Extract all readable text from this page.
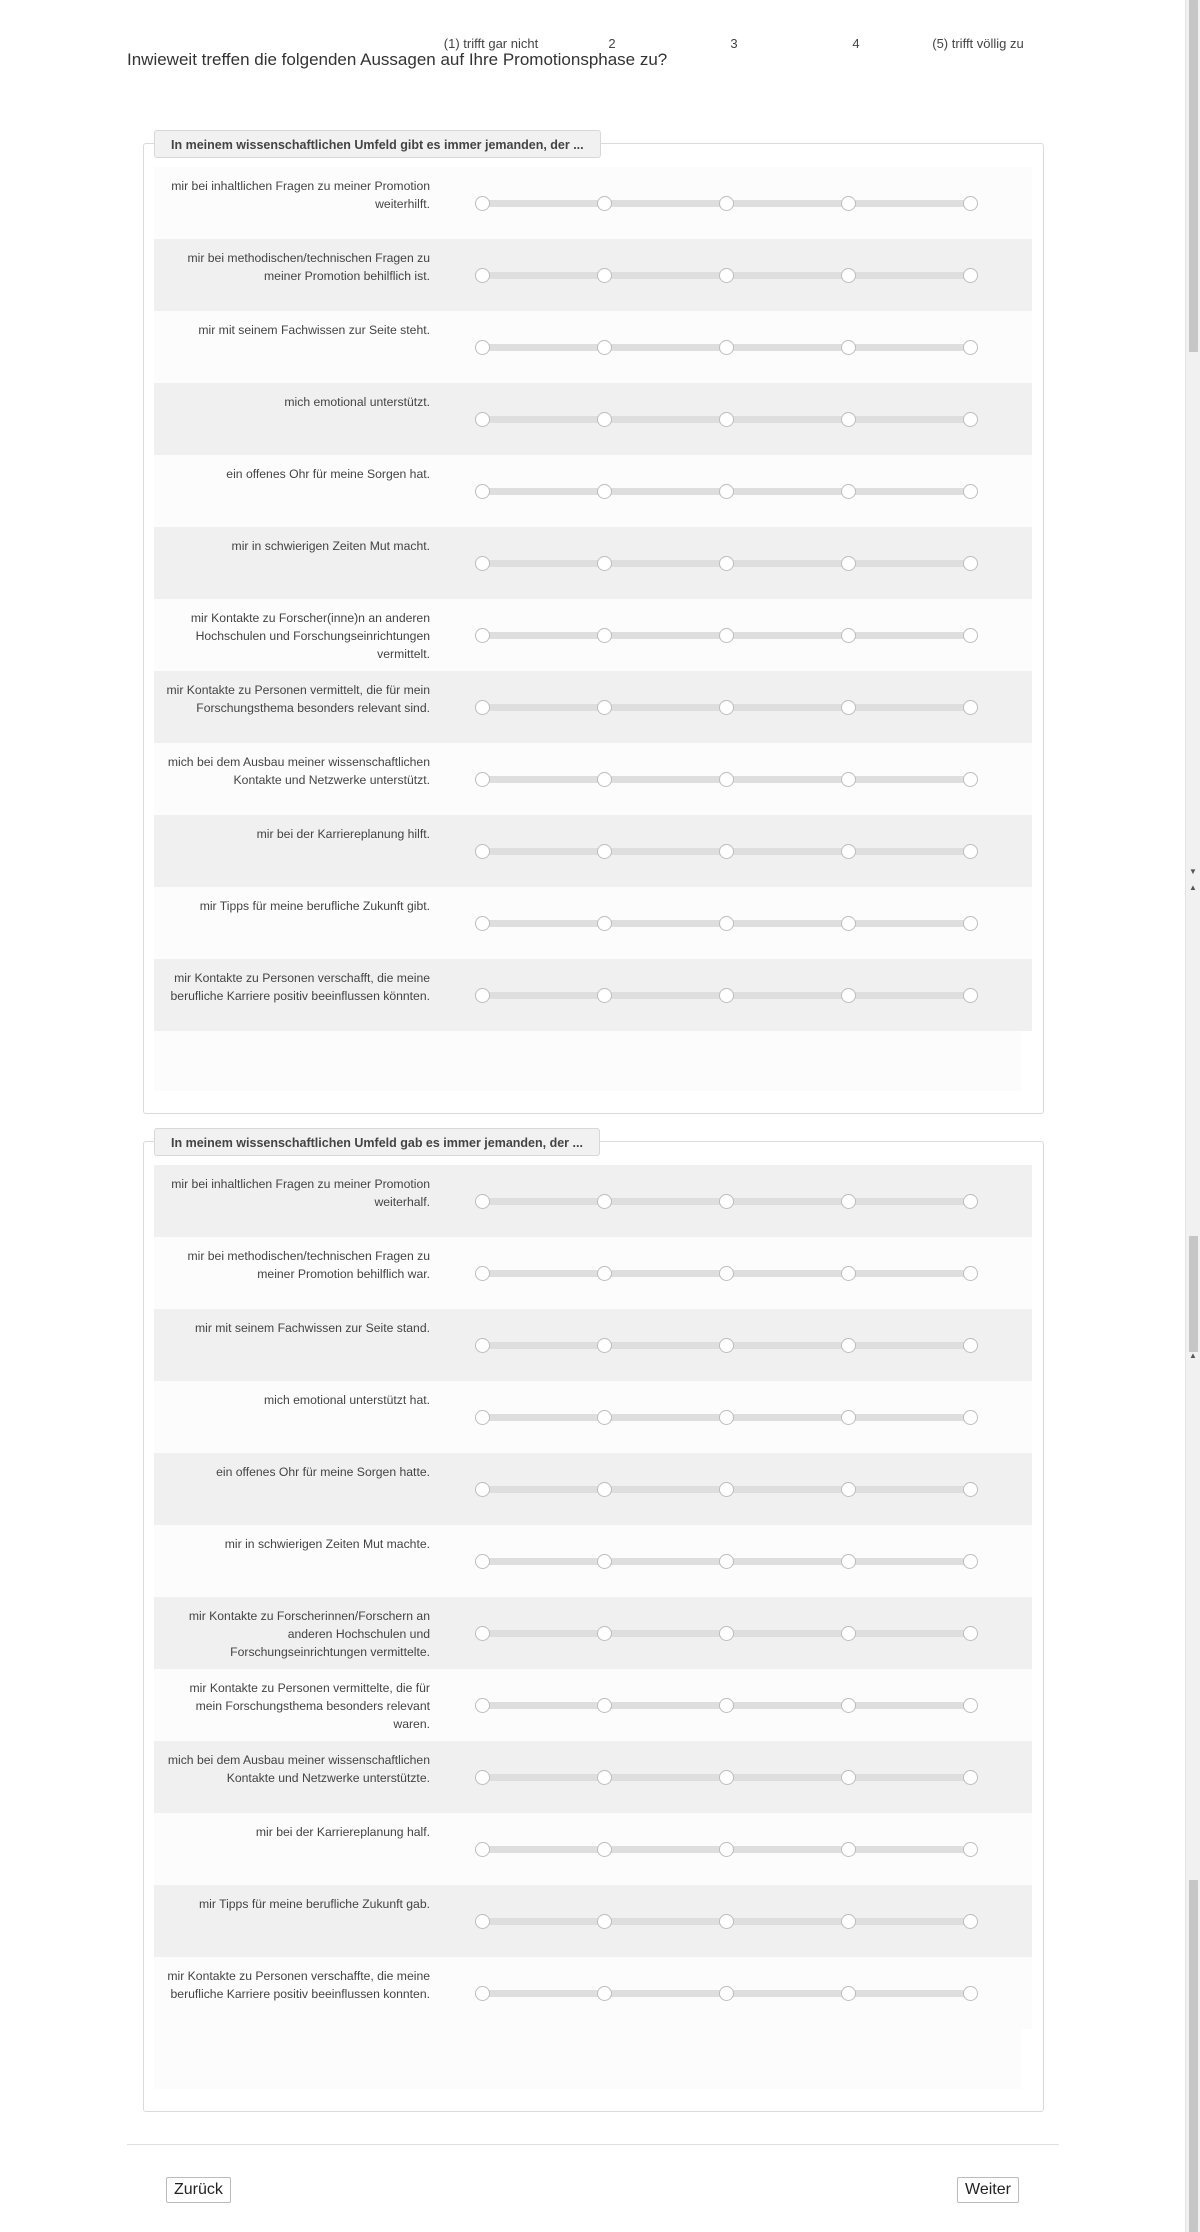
(1) trifft gar nicht	2	3	4	(5) trifft völlig zu
Inwieweit treffen die folgenden Aussagen auf Ihre Promotionsphase zu?
In meinem wissenschaftlichen Umfeld gibt es immer jemanden, der ...
mir bei inhaltlichen Fragen zu meiner Promotion weiterhilft.
mir bei methodischen/technischen Fragen zu meiner Promotion behilflich ist.
mir mit seinem Fachwissen zur Seite steht.
mich emotional unterstützt.
ein offenes Ohr für meine Sorgen hat.
mir in schwierigen Zeiten Mut macht.
mir Kontakte zu Forscher(inne)n an anderen Hochschulen und Forschungseinrichtungen vermittelt.
mir Kontakte zu Personen vermittelt, die für mein Forschungsthema besonders relevant sind.
mich bei dem Ausbau meiner wissenschaftlichen Kontakte und Netzwerke unterstützt.
mir bei der Karriereplanung hilft.
mir Tipps für meine berufliche Zukunft gibt.
mir Kontakte zu Personen verschafft, die meine berufliche Karriere positiv beeinflussen könnten.
In meinem wissenschaftlichen Umfeld gab es immer jemanden, der ...
mir bei inhaltlichen Fragen zu meiner Promotion weiterhalf.
mir bei methodischen/technischen Fragen zu meiner Promotion behilflich war.
mir mit seinem Fachwissen zur Seite stand.
mich emotional unterstützt hat.
ein offenes Ohr für meine Sorgen hatte.
mir in schwierigen Zeiten Mut machte.
mir Kontakte zu Forscherinnen/Forschern an anderen Hochschulen und Forschungseinrichtungen vermittelte.
mir Kontakte zu Personen vermittelte, die für mein Forschungsthema besonders relevant waren.
mich bei dem Ausbau meiner wissenschaftlichen Kontakte und Netzwerke unterstützte.
mir bei der Karriereplanung half.
mir Tipps für meine berufliche Zukunft gab.
mir Kontakte zu Personen verschaffte, die meine berufliche Karriere positiv beeinflussen konnten.
Zurück	Weiter
▼
▲
▲
